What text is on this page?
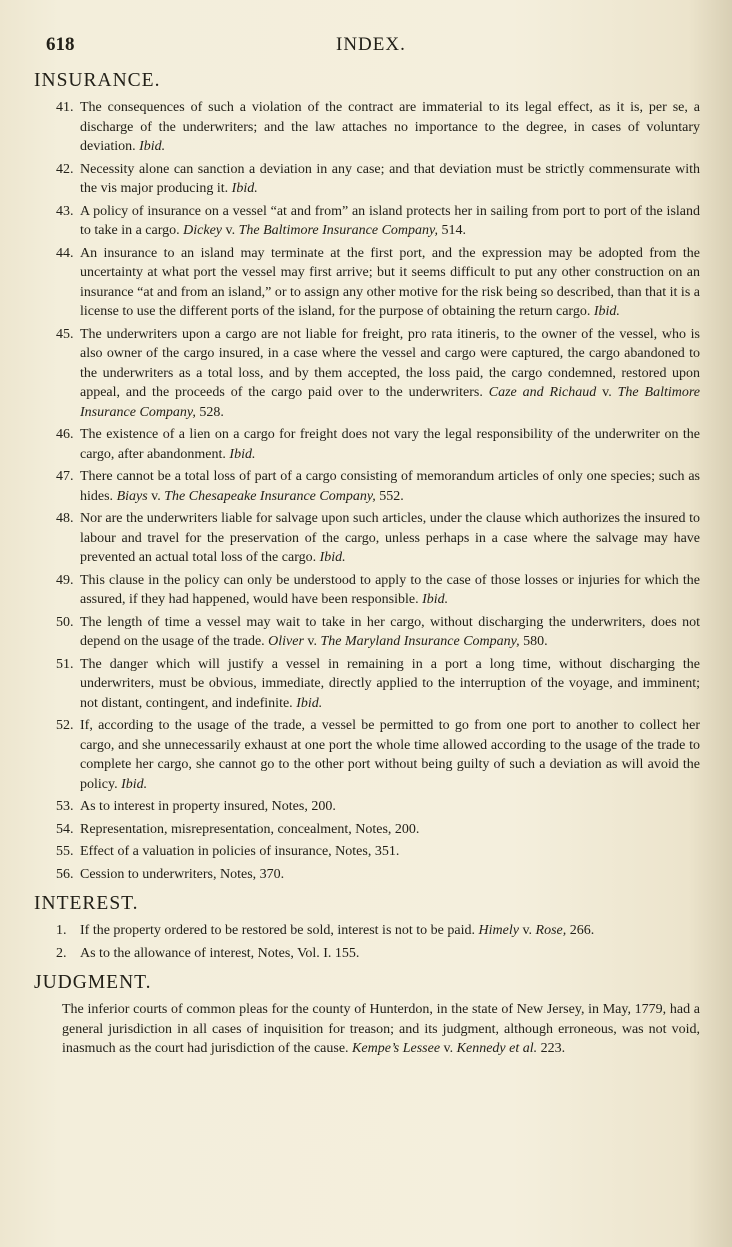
618	INDEX.
INSURANCE.

41. The consequences of such a violation of the contract are immaterial to its legal effect, as it is, per se, a discharge of the underwriters; and the law attaches no importance to the degree, in cases of voluntary deviation. Ibid.

42. Necessity alone can sanction a deviation in any case; and that deviation must be strictly commensurate with the vis major producing it. Ibid.

43. A policy of insurance on a vessel “at and from” an island protects her in sailing from port to port of the island to take in a cargo. Dickey v. The Baltimore Insurance Company, 514.

44. An insurance to an island may terminate at the first port, and the expression may be adopted from the uncertainty at what port the vessel may first arrive; but it seems difficult to put any other construction on an insurance “at and from an island,” or to assign any other motive for the risk being so described, than that it is a license to use the different ports of the island, for the purpose of obtaining the return cargo. Ibid.

45. The underwriters upon a cargo are not liable for freight, pro rata itineris, to the owner of the vessel, who is also owner of the cargo insured, in a case where the vessel and cargo were captured, the cargo abandoned to the underwriters as a total loss, and by them accepted, the loss paid, the cargo condemned, restored upon appeal, and the proceeds of the cargo paid over to the underwriters. Caze and Richaud v. The Baltimore Insurance Company, 528.

46. The existence of a lien on a cargo for freight does not vary the legal responsibility of the underwriter on the cargo, after abandonment. Ibid.

47. There cannot be a total loss of part of a cargo consisting of memorandum articles of only one species; such as hides. Biays v. The Chesapeake Insurance Company, 552.

48. Nor are the underwriters liable for salvage upon such articles, under the clause which authorizes the insured to labour and travel for the preservation of the cargo, unless perhaps in a case where the salvage may have prevented an actual total loss of the cargo. Ibid.

49. This clause in the policy can only be understood to apply to the case of those losses or injuries for which the assured, if they had happened, would have been responsible. Ibid.

50. The length of time a vessel may wait to take in her cargo, without discharging the underwriters, does not depend on the usage of the trade. Oliver v. The Maryland Insurance Company, 580.

51. The danger which will justify a vessel in remaining in a port a long time, without discharging the underwriters, must be obvious, immediate, directly applied to the interruption of the voyage, and imminent; not distant, contingent, and indefinite. Ibid.

52. If, according to the usage of the trade, a vessel be permitted to go from one port to another to collect her cargo, and she unnecessarily exhaust at one port the whole time allowed according to the usage of the trade to complete her cargo, she cannot go to the other port without being guilty of such a deviation as will avoid the policy. Ibid.

53. As to interest in property insured, Notes, 200.

54. Representation, misrepresentation, concealment, Notes, 200.

55. Effect of a valuation in policies of insurance, Notes, 351.

56. Cession to underwriters, Notes, 370.

INTEREST.

1. If the property ordered to be restored be sold, interest is not to be paid. Himely v. Rose, 266.

2. As to the allowance of interest, Notes, Vol. I. 155.

JUDGMENT.

The inferior courts of common pleas for the county of Hunterdon, in the state of New Jersey, in May, 1779, had a general jurisdiction in all cases of inquisition for treason; and its judgment, although erroneous, was not void, inasmuch as the court had jurisdiction of the cause. Kempe’s Lessee v. Kennedy et al. 223.
